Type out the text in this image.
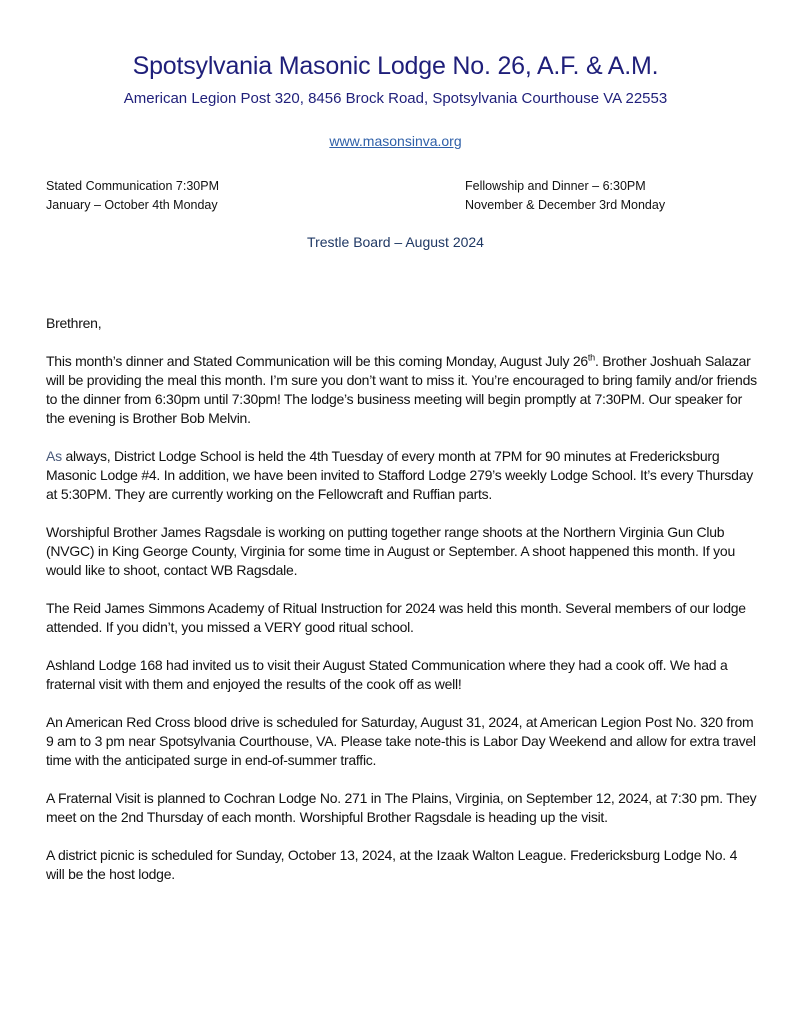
Spotsylvania Masonic Lodge No. 26, A.F. & A.M.
American Legion Post 320, 8456 Brock Road, Spotsylvania Courthouse VA 22553
www.masonsinva.org
Stated Communication 7:30PM
January – October 4th Monday
Fellowship and Dinner – 6:30PM
November & December 3rd Monday
Trestle Board – August 2024

Brethren,

This month’s dinner and Stated Communication will be this coming Monday, August July 26th. Brother Joshuah Salazar will be providing the meal this month. I’m sure you don’t want to miss it. You’re encouraged to bring family and/or friends to the dinner from 6:30pm until 7:30pm! The lodge’s business meeting will begin promptly at 7:30PM. Our speaker for the evening is Brother Bob Melvin.

As always, District Lodge School is held the 4th Tuesday of every month at 7PM for 90 minutes at Fredericksburg Masonic Lodge #4. In addition, we have been invited to Stafford Lodge 279’s weekly Lodge School. It’s every Thursday at 5:30PM. They are currently working on the Fellowcraft and Ruffian parts.

Worshipful Brother James Ragsdale is working on putting together range shoots at the Northern Virginia Gun Club (NVGC) in King George County, Virginia for some time in August or September. A shoot happened this month. If you would like to shoot, contact WB Ragsdale.

The Reid James Simmons Academy of Ritual Instruction for 2024 was held this month. Several members of our lodge attended. If you didn’t, you missed a VERY good ritual school.

Ashland Lodge 168 had invited us to visit their August Stated Communication where they had a cook off. We had a fraternal visit with them and enjoyed the results of the cook off as well!

An American Red Cross blood drive is scheduled for Saturday, August 31, 2024, at American Legion Post No. 320 from 9 am to 3 pm near Spotsylvania Courthouse, VA. Please take note-this is Labor Day Weekend and allow for extra travel time with the anticipated surge in end-of-summer traffic.

A Fraternal Visit is planned to Cochran Lodge No. 271 in The Plains, Virginia, on September 12, 2024, at 7:30 pm. They meet on the 2nd Thursday of each month. Worshipful Brother Ragsdale is heading up the visit.

A district picnic is scheduled for Sunday, October 13, 2024, at the Izaak Walton League. Fredericksburg Lodge No. 4 will be the host lodge.
